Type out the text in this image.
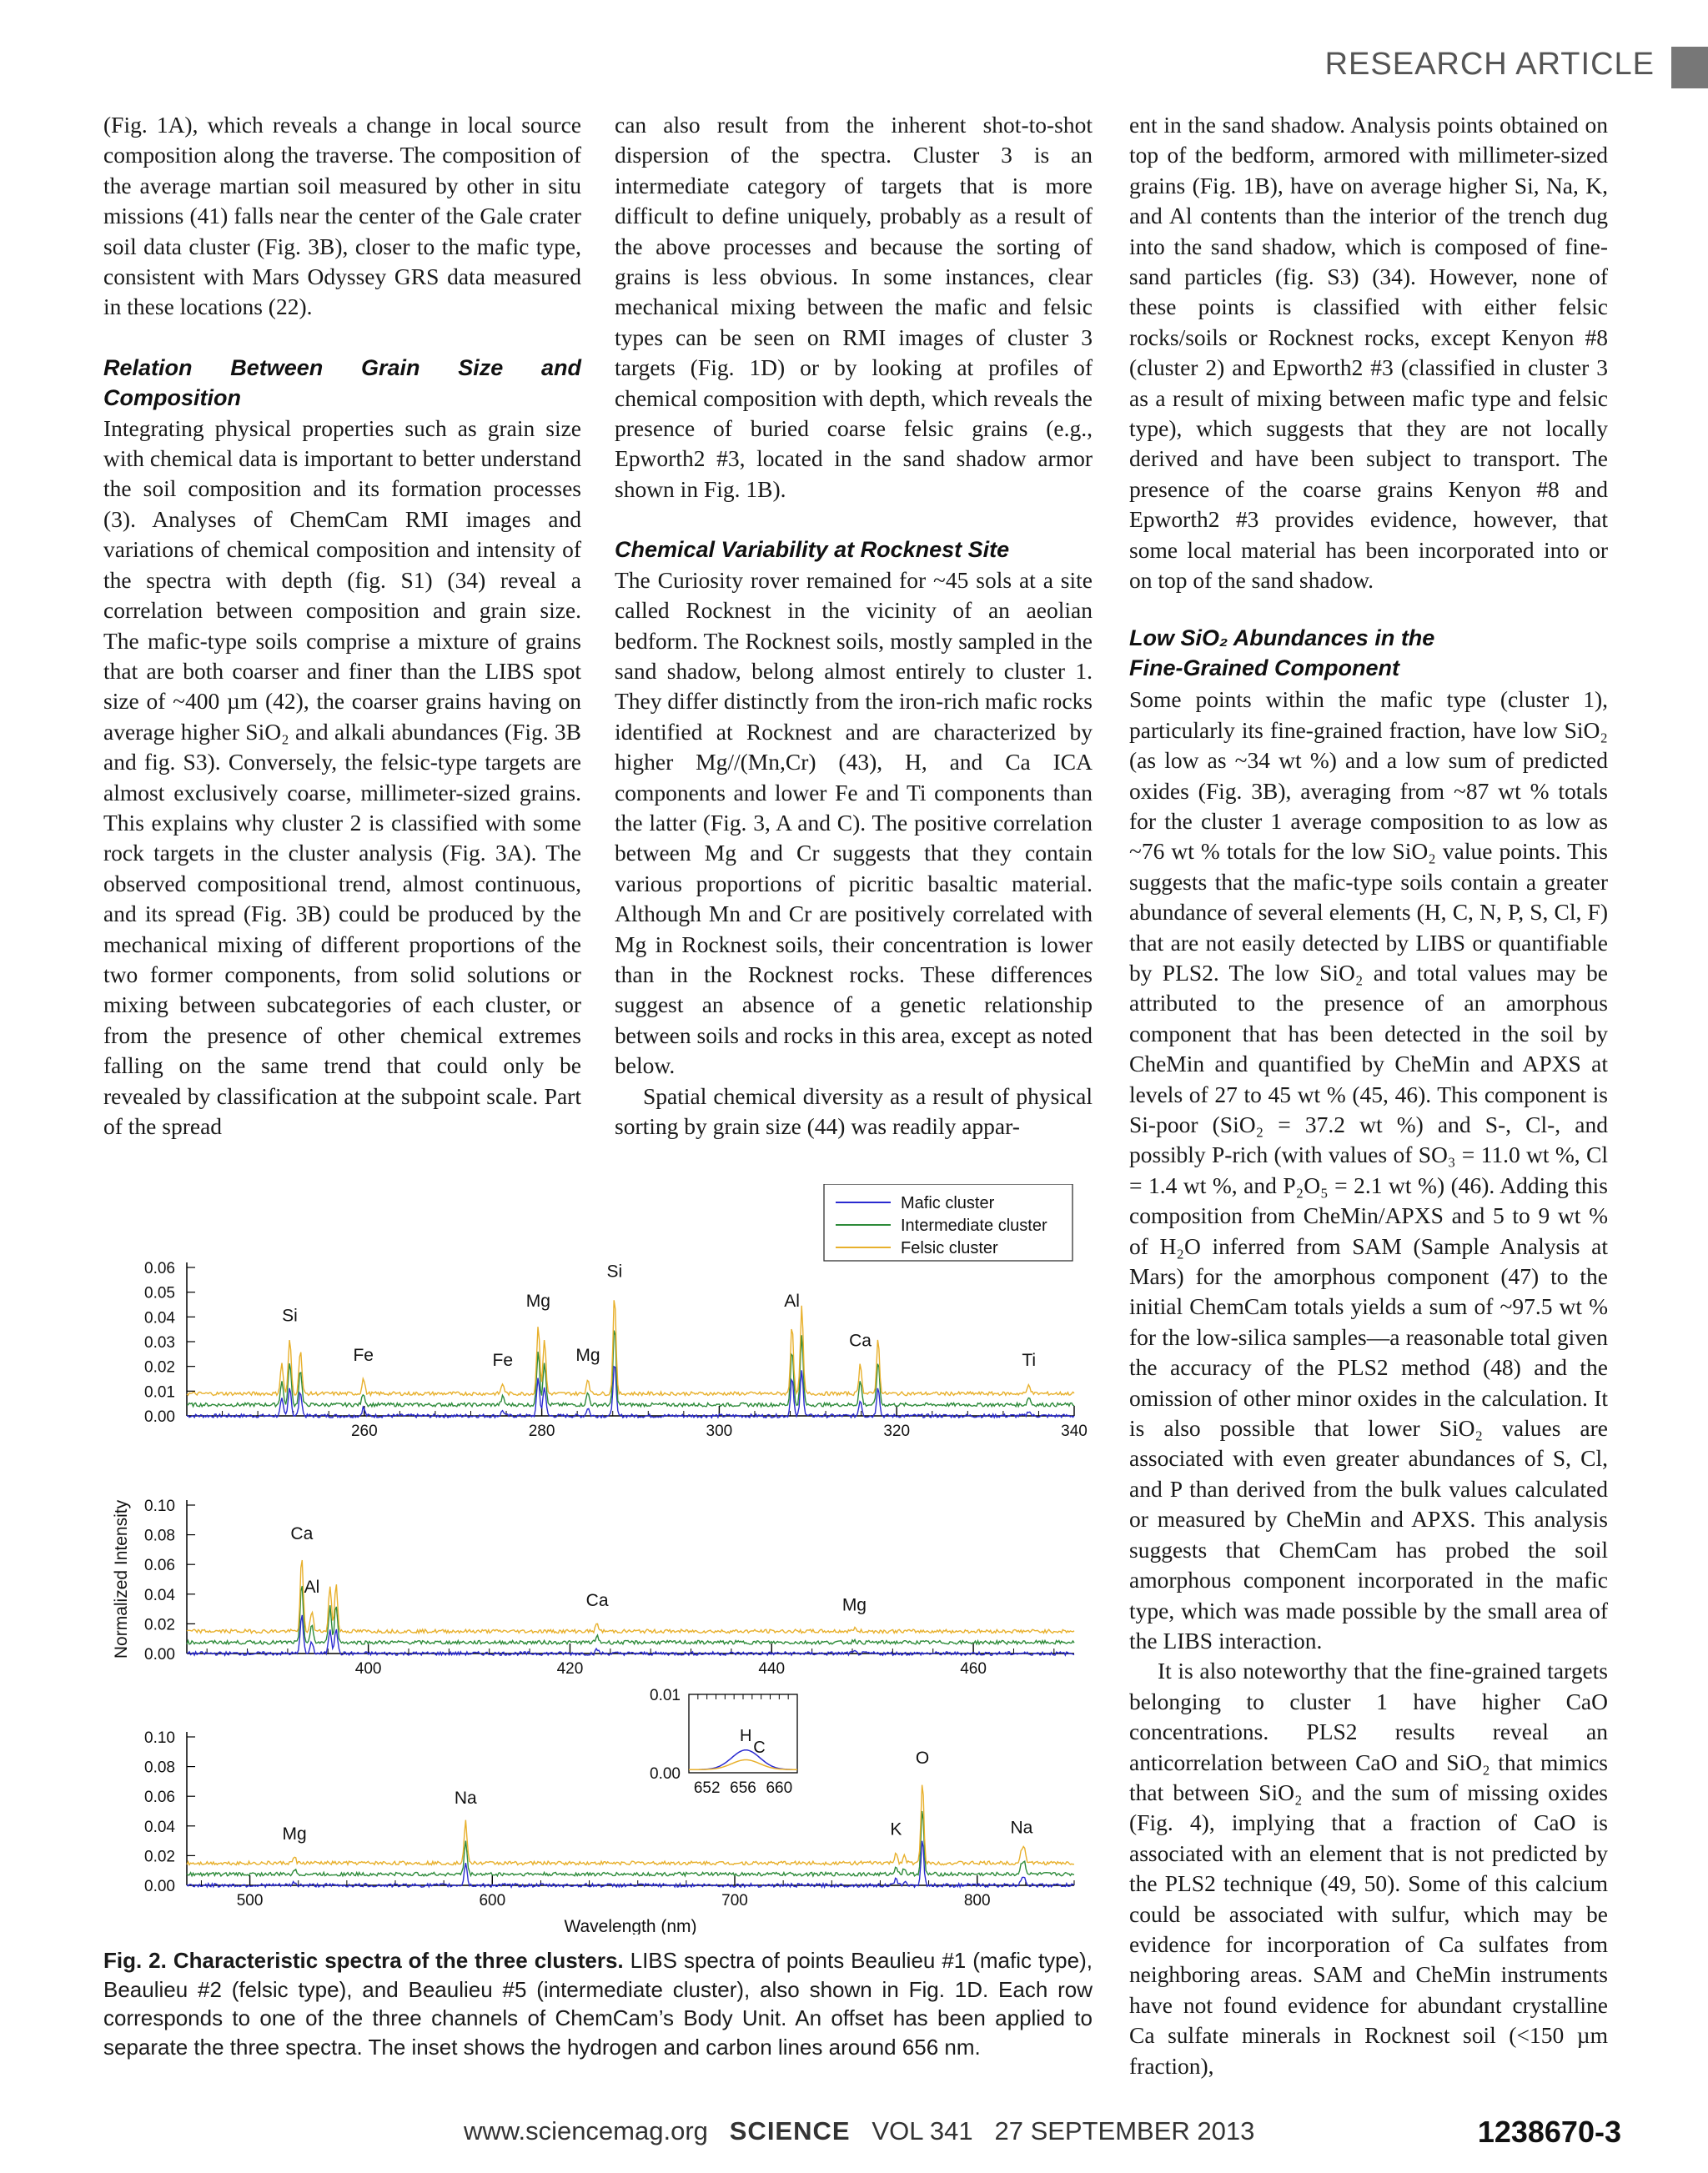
RESEARCH ARTICLE

(Fig. 1A), which reveals a change in local source composition along the traverse. The composition of the average martian soil measured by other in situ missions (41) falls near the center of the Gale crater soil data cluster (Fig. 3B), closer to the mafic type, consistent with Mars Odyssey GRS data measured in these locations (22).

Relation Between Grain Size and Composition

Integrating physical properties such as grain size with chemical data is important to better understand the soil composition and its formation processes (3). Analyses of ChemCam RMI images and variations of chemical composition and intensity of the spectra with depth (fig. S1) (34) reveal a correlation between composition and grain size. The mafic-type soils comprise a mixture of grains that are both coarser and finer than the LIBS spot size of ~400 µm (42), the coarser grains having on average higher SiO₂ and alkali abundances (Fig. 3B and fig. S3). Conversely, the felsic-type targets are almost exclusively coarse, millimeter-sized grains. This explains why cluster 2 is classified with some rock targets in the cluster analysis (Fig. 3A). The observed compositional trend, almost continuous, and its spread (Fig. 3B) could be produced by the mechanical mixing of different proportions of the two former components, from solid solutions or mixing between subcategories of each cluster, or from the presence of other chemical extremes falling on the same trend that could only be revealed by classification at the subpoint scale. Part of the spread

can also result from the inherent shot-to-shot dispersion of the spectra. Cluster 3 is an intermediate category of targets that is more difficult to define uniquely, probably as a result of the above processes and because the sorting of grains is less obvious. In some instances, clear mechanical mixing between the mafic and felsic types can be seen on RMI images of cluster 3 targets (Fig. 1D) or by looking at profiles of chemical composition with depth, which reveals the presence of buried coarse felsic grains (e.g., Epworth2 #3, located in the sand shadow armor shown in Fig. 1B).

Chemical Variability at Rocknest Site

The Curiosity rover remained for ~45 sols at a site called Rocknest in the vicinity of an aeolian bedform. The Rocknest soils, mostly sampled in the sand shadow, belong almost entirely to cluster 1. They differ distinctly from the iron-rich mafic rocks identified at Rocknest and are characterized by higher Mg//(Mn,Cr) (43), H, and Ca ICA components and lower Fe and Ti components than the latter (Fig. 3, A and C). The positive correlation between Mg and Cr suggests that they contain various proportions of picritic basaltic material. Although Mn and Cr are positively correlated with Mg in Rocknest soils, their concentration is lower than in the Rocknest rocks. These differences suggest an absence of a genetic relationship between soils and rocks in this area, except as noted below.

Spatial chemical diversity as a result of physical sorting by grain size (44) was readily appar-

ent in the sand shadow. Analysis points obtained on top of the bedform, armored with millimeter-sized grains (Fig. 1B), have on average higher Si, Na, K, and Al contents than the interior of the trench dug into the sand shadow, which is composed of fine-sand particles (fig. S3) (34). However, none of these points is classified with either felsic rocks/soils or Rocknest rocks, except Kenyon #8 (cluster 2) and Epworth2 #3 (classified in cluster 3 as a result of mixing between mafic type and felsic type), which suggests that they are not locally derived and have been subject to transport. The presence of the coarse grains Kenyon #8 and Epworth2 #3 provides evidence, however, that some local material has been incorporated into or on top of the sand shadow.

Low SiO₂ Abundances in the
Fine-Grained Component

Some points within the mafic type (cluster 1), particularly its fine-grained fraction, have low SiO₂ (as low as ~34 wt %) and a low sum of predicted oxides (Fig. 3B), averaging from ~87 wt % totals for the cluster 1 average composition to as low as ~76 wt % totals for the low SiO₂ value points. This suggests that the mafic-type soils contain a greater abundance of several elements (H, C, N, P, S, Cl, F) that are not easily detected by LIBS or quantifiable by PLS2. The low SiO₂ and total values may be attributed to the presence of an amorphous component that has been detected in the soil by CheMin and quantified by CheMin and APXS at levels of 27 to 45 wt % (45, 46). This component is Si-poor (SiO₂ = 37.2 wt %) and S-, Cl-, and possibly P-rich (with values of SO₃ = 11.0 wt %, Cl = 1.4 wt %, and P₂O₅ = 2.1 wt %) (46). Adding this composition from CheMin/APXS and 5 to 9 wt % of H₂O inferred from SAM (Sample Analysis at Mars) for the amorphous component (47) to the initial ChemCam totals yields a sum of ~97.5 wt % for the low-silica samples—a reasonable total given the accuracy of the PLS2 method (48) and the omission of other minor oxides in the calculation. It is also possible that lower SiO₂ values are associated with even greater abundances of S, Cl, and P than derived from the bulk values calculated or measured by CheMin and APXS. This analysis suggests that ChemCam has probed the soil amorphous component incorporated in the mafic type, which was made possible by the small area of the LIBS interaction.

It is also noteworthy that the fine-grained targets belonging to cluster 1 have higher CaO concentrations. PLS2 results reveal an anticorrelation between CaO and SiO₂ that mimics that between SiO₂ and the sum of missing oxides (Fig. 4), implying that a fraction of CaO is associated with an element that is not predicted by the PLS2 technique (49, 50). Some of this calcium could be associated with sulfur, which may be evidence for incorporation of Ca sulfates from neighboring areas. SAM and CheMin instruments have not found evidence for abundant crystalline Ca sulfate minerals in Rocknest soil (<150 µm fraction),

0.00
0.01
0.02
0.03
0.04
0.05
0.06
260	280	300	320	340
Si
Fe	Fe
Mg
Mg
Si
Al
Ca
Ti
Mafic cluster
Intermediate cluster
Felsic cluster
Normalized Intensity 0.00
0.02
0.04
0.06
0.08
0.10
400	420	440	460
Ca
Al
Ca	Mg
0.00
0.02
0.04
0.06
0.08
0.10
500	600	700	800
Mg
Na
K
O
Na
Wavelength (nm)
0.00
0.01
652 656 660
H
C
Fig. 2. Characteristic spectra of the three clusters. LIBS spectra of points Beaulieu #1 (mafic type), Beaulieu #2 (felsic type), and Beaulieu #5 (intermediate cluster), also shown in Fig. 1D. Each row corresponds to one of the three channels of ChemCam’s Body Unit. An offset has been applied to separate the three spectra. The inset shows the hydrogen and carbon lines around 656 nm.
www.sciencemag.org SCIENCE VOL 341 27 SEPTEMBER 2013	1238670-3
